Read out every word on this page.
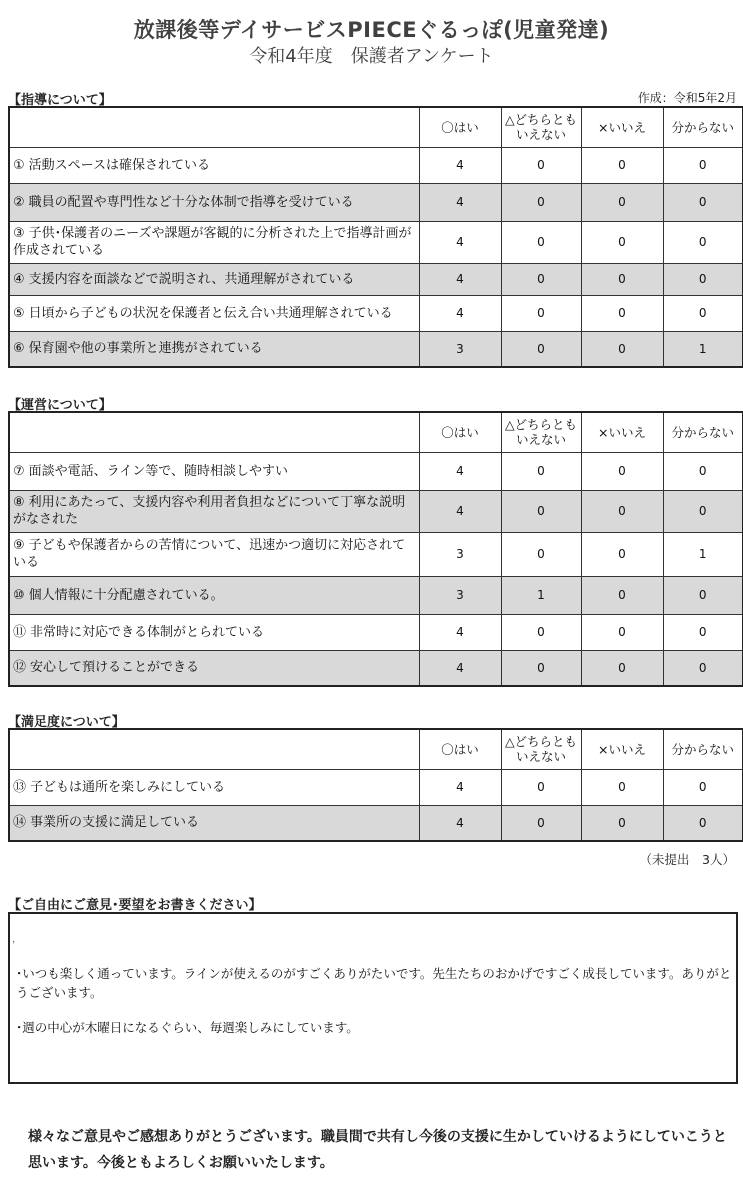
放課後等デイサービスPIECEぐるっぽ(児童発達)
令和4年度　保護者アンケート
【指導について】	作成：令和5年2月
	〇はい	△どちらとも
いえない	×いいえ	分からない
① 活動スペースは確保されている	4	0	0	0
② 職員の配置や専門性など十分な体制で指導を受けている	4	0	0	0
③ 子供･保護者のニーズや課題が客観的に分析された上で指導計画が作成されている	4	0	0	0
④ 支援内容を面談などで説明され、共通理解がされている	4	0	0	0
⑤ 日頃から子どもの状況を保護者と伝え合い共通理解されている	4	0	0	0
⑥ 保育園や他の事業所と連携がされている	3	0	0	1
【運営について】
	〇はい	△どちらとも
いえない	×いいえ	分からない
⑦ 面談や電話、ライン等で、随時相談しやすい	4	0	0	0
⑧ 利用にあたって、支援内容や利用者負担などについて丁寧な説明がなされた	4	0	0	0
⑨ 子どもや保護者からの苦情について、迅速かつ適切に対応されている	3	0	0	1
⑩ 個人情報に十分配慮されている。	3	1	0	0
⑪ 非常時に対応できる体制がとられている	4	0	0	0
⑫ 安心して預けることができる	4	0	0	0
【満足度について】
	〇はい	△どちらとも
いえない	×いいえ	分からない
⑬ 子どもは通所を楽しみにしている	4	0	0	0
⑭ 事業所の支援に満足している	4	0	0	0
（未提出　3人）
【ご自由にご意見･要望をお書きください】
，
･いつも楽しく通っています。ラインが使えるのがすごくありがたいです。先生たちのおかげですごく成長しています。ありがとうございます。
･週の中心が木曜日になるぐらい、毎週楽しみにしています。
様々なご意見やご感想ありがとうございます。職員間で共有し今後の支援に生かしていけるようにしていこうと思います。今後ともよろしくお願いいたします。
